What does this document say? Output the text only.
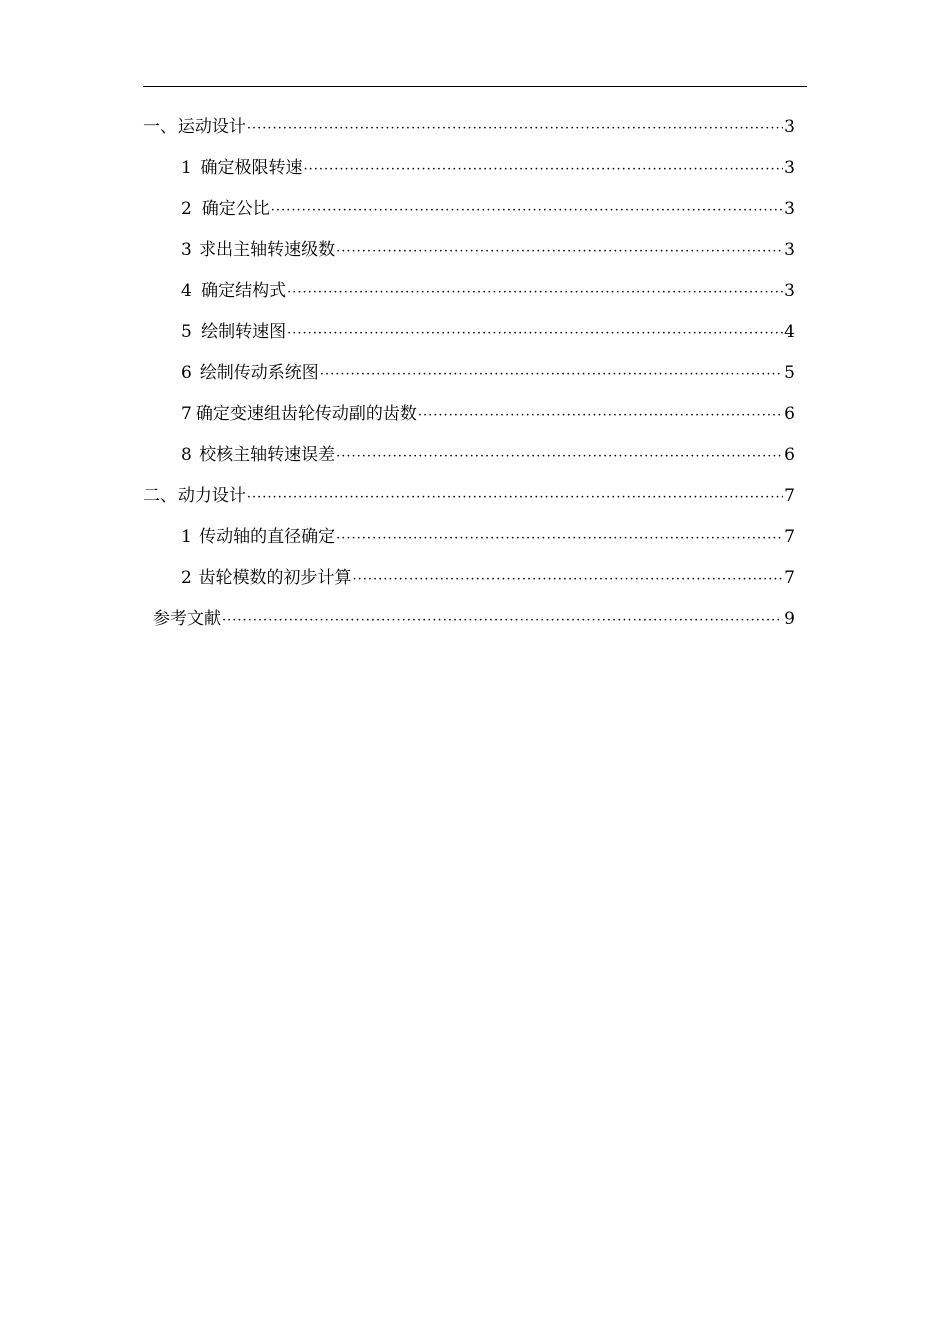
一、 运动设计 ·····	3
1 确定极限转速 ·····	3
2 确定公比 ·····	3
3 求出主轴转速级数 ·····	3
4 确定结构式 ·····	3
5 绘制转速图 ·····	4
6 绘制传动系统图 ·····	5
7 确定变速组齿轮传动副的齿数 ·····	6
8 校核主轴转速误差 ·····	6
二、 动力设计 ·····	7
1 传动轴的直径确定 ·····	7
2 齿轮模数的初步计算 ·····	7
参考文献 ·····	9
